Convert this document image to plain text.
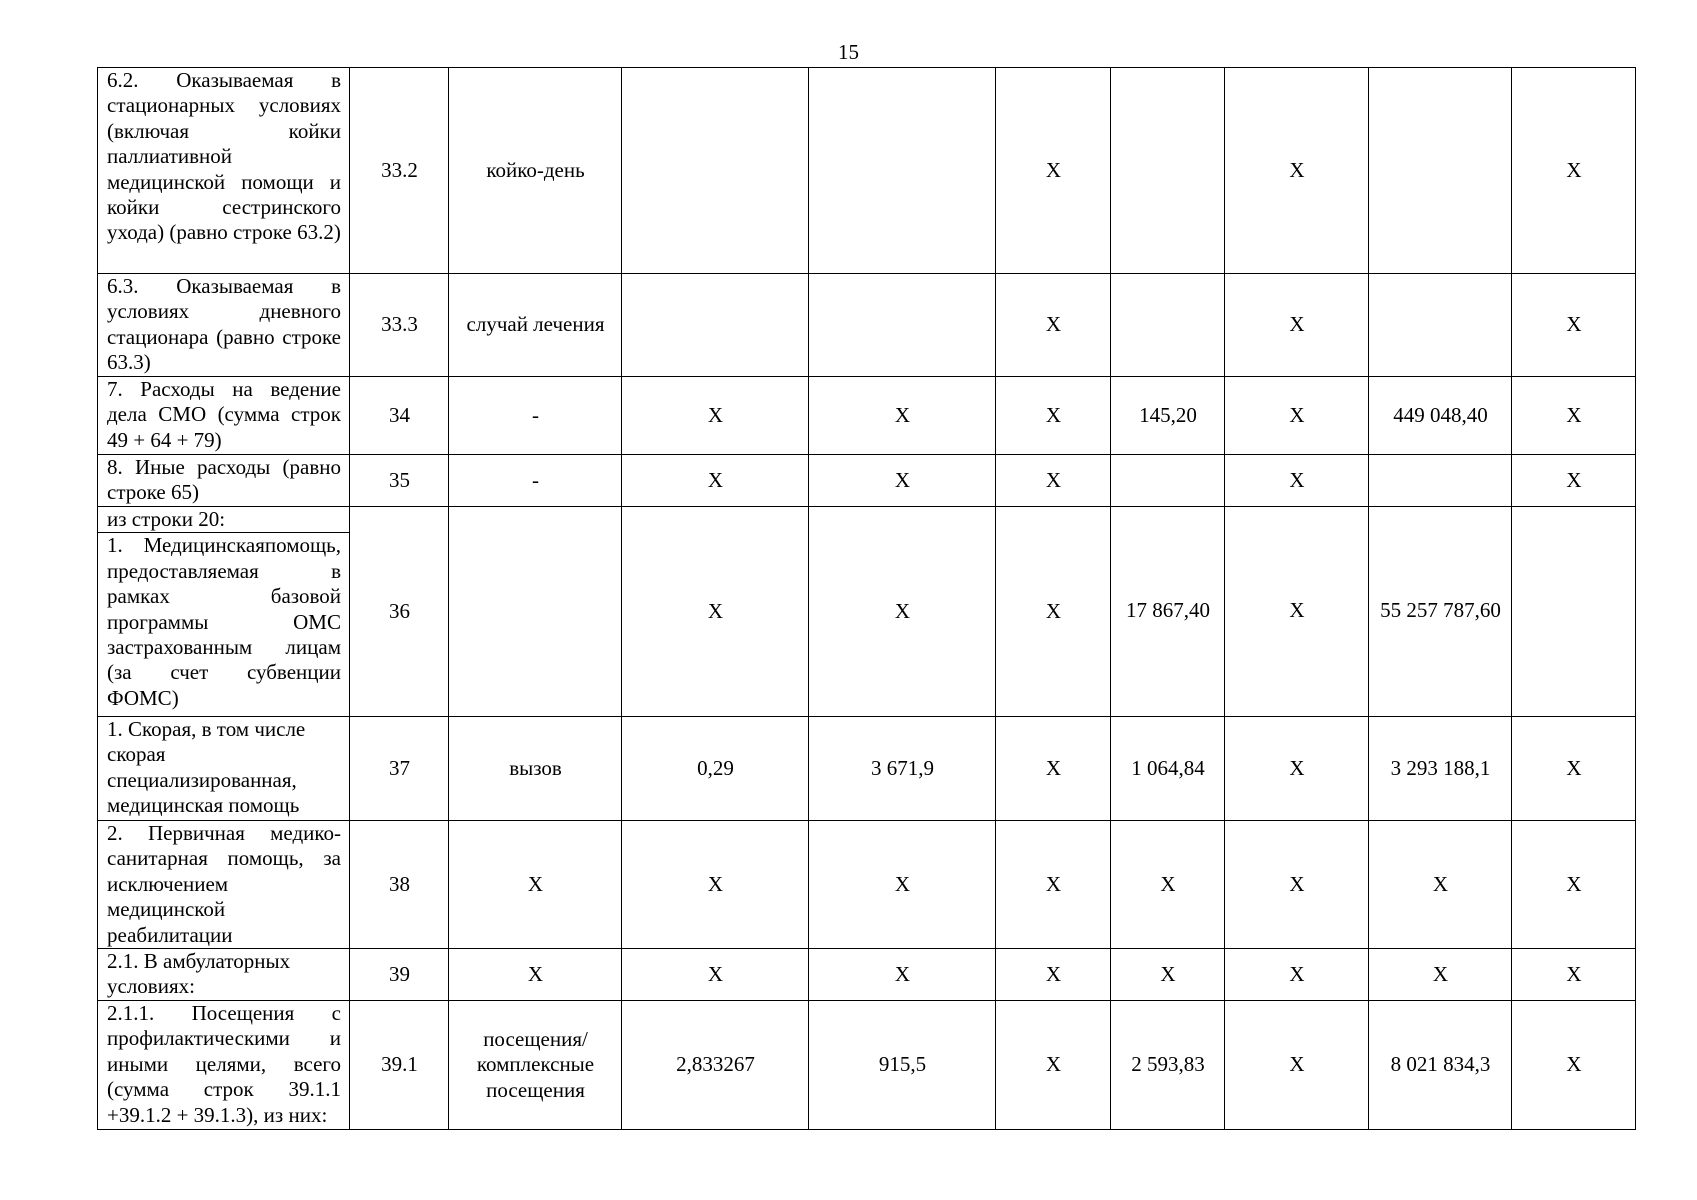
15
6.2. Оказываемая в стационарных условиях (включая койки паллиативной медицинской помощи и койки сестринского ухода) (равно строке 63.2)	33.2	койко-день			Х		Х		Х
6.3. Оказываемая в условиях дневного стационара (равно строке 63.3)	33.3	случай лечения			Х		Х		Х
7. Расходы на ведение дела СМО (сумма строк 49 + 64 + 79)	34	-	Х	Х	Х	145,20	Х	449 048,40	Х
8. Иные расходы (равно строке 65)	35	-	Х	Х	Х		Х		Х

из строки 20:
1. Медицинскаяпомощь, предоставляемая в рамках базовой программы ОМС застрахованным лицам (за счет субвенции ФОМС)	36		Х	Х	Х	17 867,40	Х	55 257 787,60	
1. Скорая, в том числе скорая специализированная, медицинская помощь	37	вызов	0,29	3 671,9	Х	1 064,84	Х	3 293 188,1	Х
2. Первичная медико-санитарная помощь, за исключением медицинской реабилитации	38	Х	Х	Х	Х	Х	Х	Х	Х
2.1. В амбулаторных условиях:	39	Х	Х	Х	Х	Х	Х	Х	Х
2.1.1. Посещения с профилактическими и иными целями, всего (сумма строк 39.1.1 +39.1.2 + 39.1.3), из них:	39.1	посещения/ комплексные посещения	2,833267	915,5	Х	2 593,83	Х	8 021 834,3	Х
